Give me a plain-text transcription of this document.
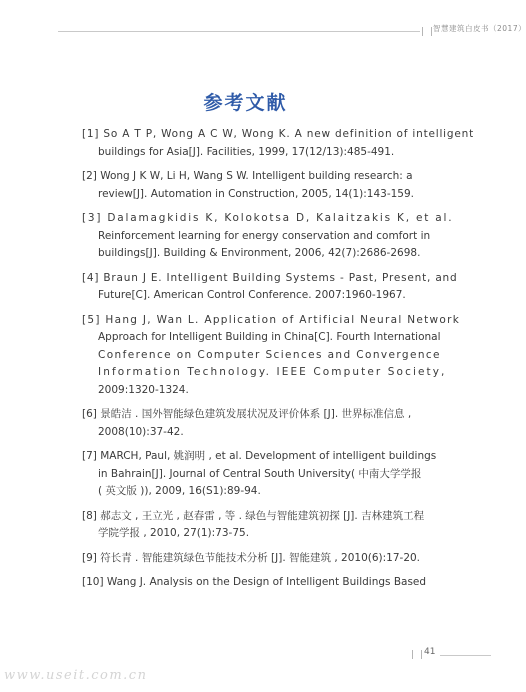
智慧建筑白皮书（2017）
参考文献
[1] So A T P, Wong A C W, Wong K. A new definition of intelligent
buildings for Asia[J]. Facilities, 1999, 17(12/13):485-491.
[2] Wong J K W, Li H, Wang S W. Intelligent building research: a
review[J]. Automation in Construction, 2005, 14(1):143-159.
[3] Dalamagkidis K, Kolokotsa D, Kalaitzakis K, et al.
Reinforcement learning for energy conservation and comfort in
buildings[J]. Building & Environment, 2006, 42(7):2686-2698.
[4] Braun J E. Intelligent Building Systems - Past, Present, and
Future[C]. American Control Conference. 2007:1960-1967.
[5] Hang J, Wan L. Application of Artificial Neural Network
Approach for Intelligent Building in China[C]. Fourth International
Conference on Computer Sciences and Convergence
Information Technology. IEEE Computer Society,
2009:1320-1324.
[6] 景皓洁 . 国外智能绿色建筑发展状况及评价体系 [J]. 世界标准信息 ,
2008(10):37-42.
[7] MARCH, Paul, 姚润明 , et al. Development of intelligent buildings
in Bahrain[J]. Journal of Central South University( 中南大学学报
( 英文版 )), 2009, 16(S1):89-94.
[8] 郝志文 , 王立光 , 赵春雷 , 等 . 绿色与智能建筑初探 [J]. 吉林建筑工程
学院学报 , 2010, 27(1):73-75.
[9] 符长青 . 智能建筑绿色节能技术分析 [J]. 智能建筑 , 2010(6):17-20.
[10] Wang J. Analysis on the Design of Intelligent Buildings Based
41
www.useit.com.cn
